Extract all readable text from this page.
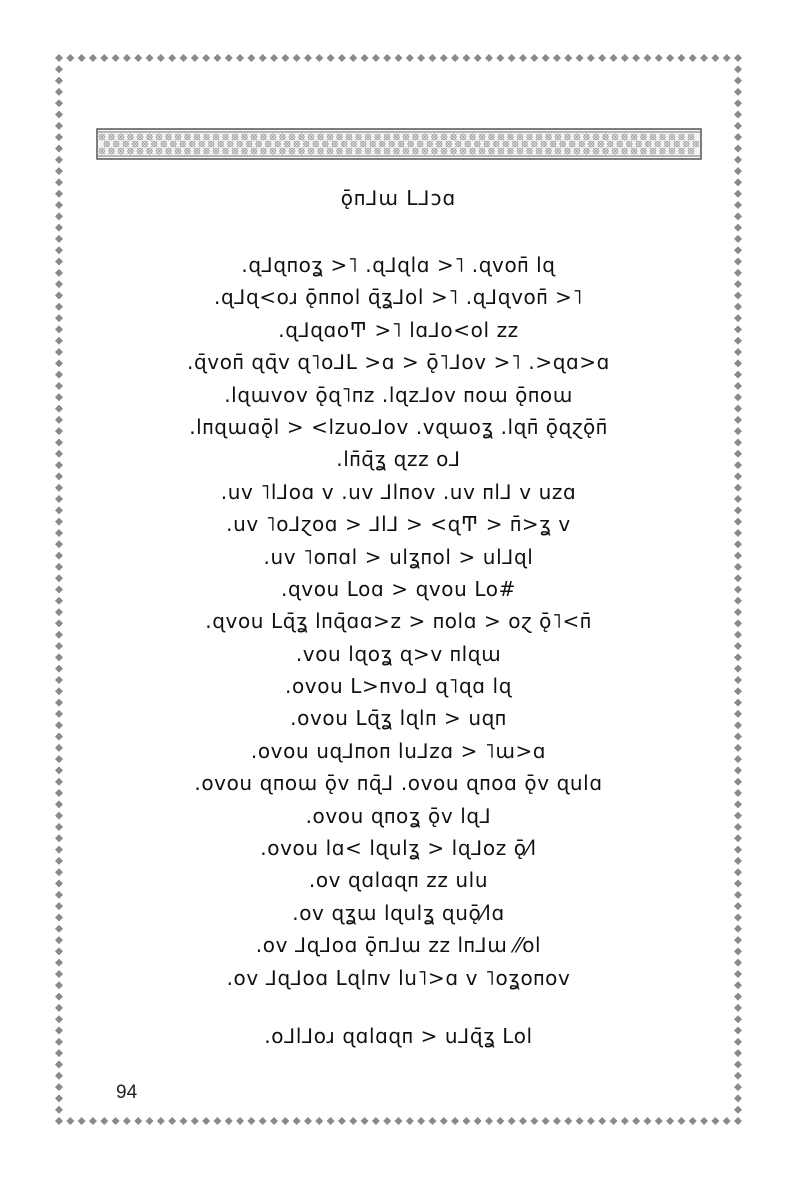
ǭᴨ⅃ɯ L⅃ɔɑ
.ɋ⅃ɋᴨoʓ >˥ .ɋ⅃ɋlɑ >˥ .ɋvoᴨ̄ lɋ
.ɋ⅃ɋ<oɹ ǭᴨᴨol ɋ̄ʓ⅃ol >˥ .ɋ⅃ɋvoᴨ̄ >˥
.ɋ⅃ɋɑoͲ >˥ lɑ⅃o<ol ᴢᴢ
.ɋ̄voᴨ̄ ɋɋ̄v ɋ˥o⅃L >ɑ > ǭ˥⅃ov >˥ .>ɋɑ>ɑ
.lɋɯvov ǭɋ˥ᴨᴢ .lɋᴢ⅃ov ᴨoɯ ǭᴨoɯ
.lᴨɋɯɑǭl > <lᴢuo⅃ov .vɋɯoʓ .lɋᴨ̄ ǭɋɀǭᴨ̄
.lᴨ̄ɋ̄ʓ ɋᴢᴢ o⅃
.uv ˥l⅃oɑ v .uv ⅃lᴨov .uv ᴨl⅃ v uᴢɑ
.uv ˥o⅃ɀoɑ > ⅃l⅃ > <ɋͲ > ᴨ̄>ʓ v
.uv ˥oᴨɑl > ulʓᴨol > ul⅃ɋl
.ɋvou Loɑ > ɋvou Lo#
.ɋvou Lɋ̄ʓ lᴨɋ̄ɑɑ>ᴢ > ᴨolɑ > oɀ ǭ˥<ᴨ̄
.vou lɋoʓ ɋ>v ᴨlɋɯ
.ovou L>ᴨvo⅃ ɋ˥ɋɑ lɋ
.ovou Lɋ̄ʓ lɋlᴨ > uɋᴨ
.ovou uɋ⅃ᴨoᴨ lu⅃ᴢɑ > ˥ɯ>ɑ
.ovou ɋᴨoɯ ǭv ᴨɋ̄⅃ .ovou ɋᴨoɑ ǭv ɋulɑ
.ovou ɋᴨoʓ ǭv lɋ⅃
.ovou lɑ< lɋulʓ > lɋ⅃oᴢ ǭ⁄l
.ov ɋɑlɑɋᴨ ᴢᴢ ulu
.ov ɋʓɯ lɋulʓ ɋuǭ⁄lɑ
.ov ⅃ɋ⅃oɑ ǭᴨ⅃ɯ ᴢᴢ lᴨ⅃ɯ ⁄⁄ol
.ov ⅃ɋ⅃oɑ Lɋlᴨv lu˥>ɑ v ˥oʓoᴨov
.o⅃l⅃oɹ ɋɑlɑɋᴨ > u⅃ɋ̄ʓ Lol
94
